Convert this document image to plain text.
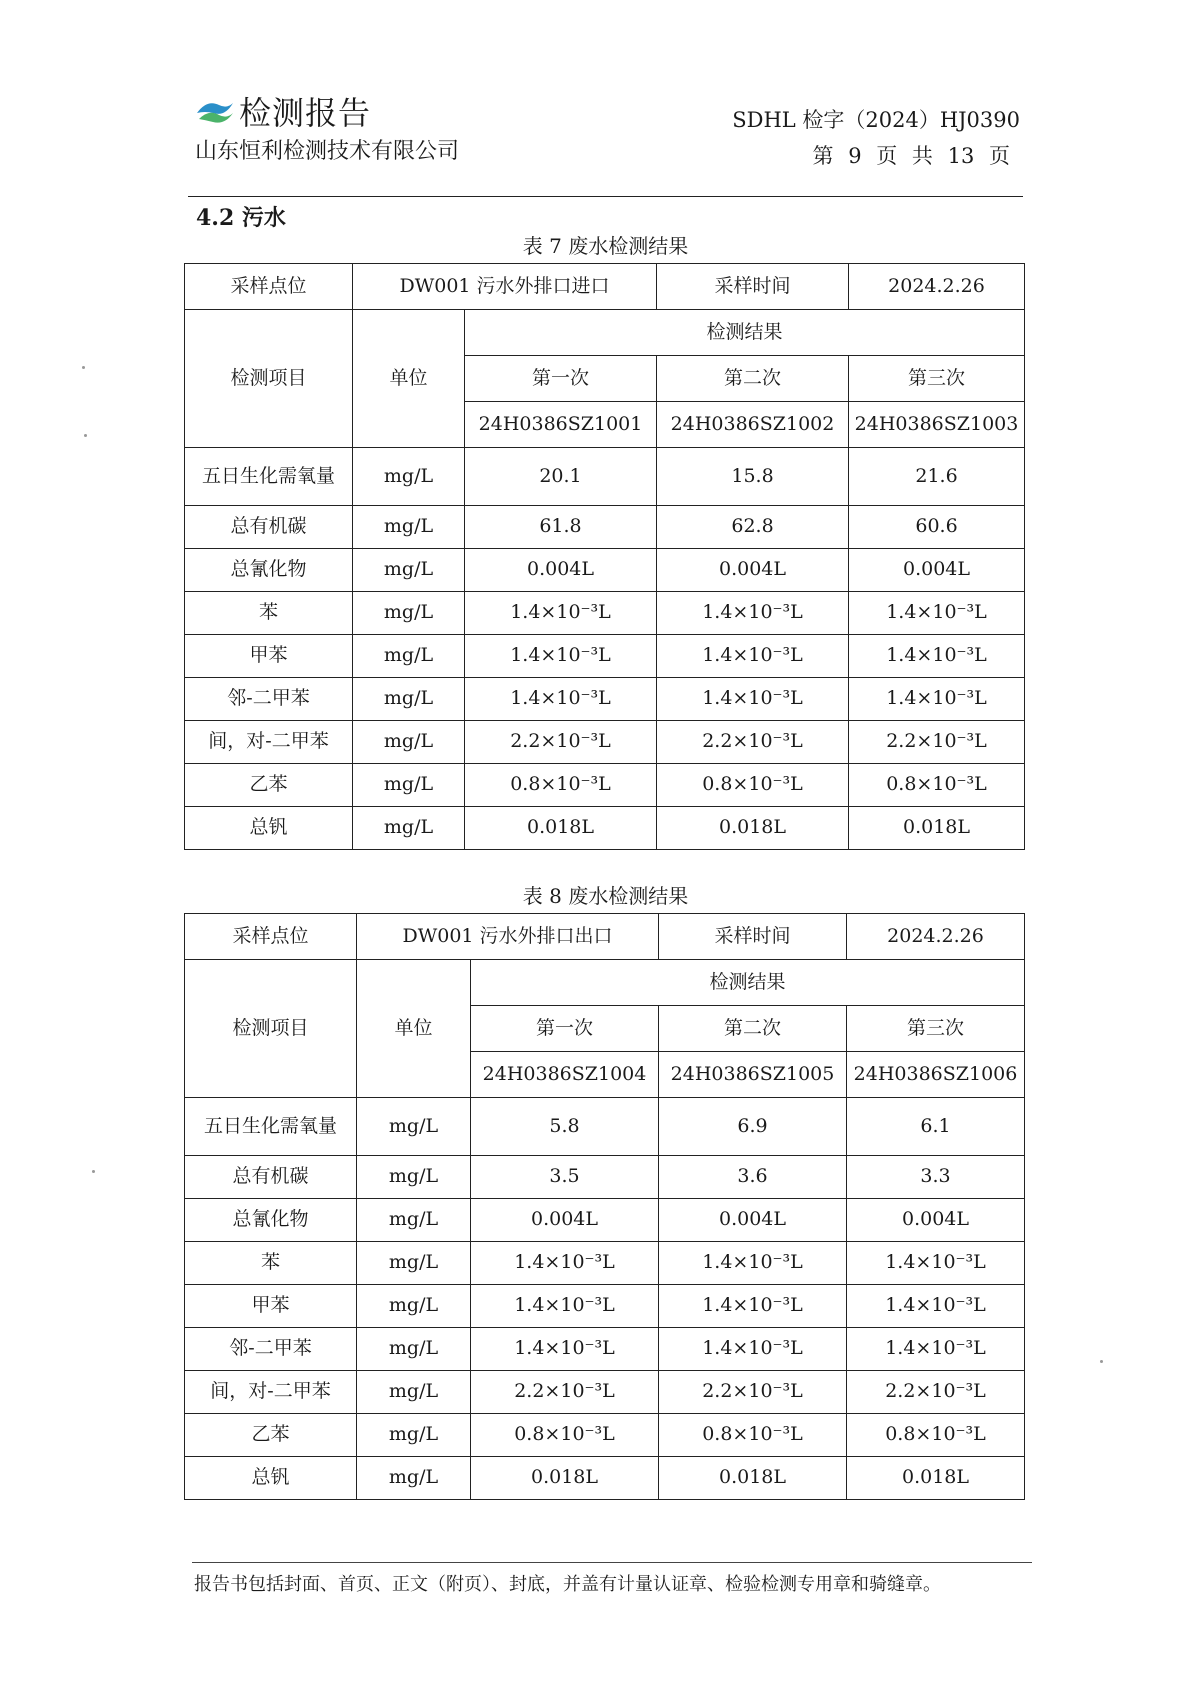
检测报告
山东恒利检测技术有限公司
SDHL 检字（2024）HJ0390
第 9 页 共 13 页
4.2 污水
表 7 废水检测结果
采样点位	DW001 污水外排口进口		采样时间	2024.2.26
检测项目	单位	检测结果		
		第一次	第二次	第三次
		24H0386SZ1001	24H0386SZ1002	24H0386SZ1003
五日生化需氧量	mg/L	20.1	15.8	21.6
总有机碳	mg/L	61.8	62.8	60.6
总氰化物	mg/L	0.004L	0.004L	0.004L
苯	mg/L	1.4×10⁻³L	1.4×10⁻³L	1.4×10⁻³L
甲苯	mg/L	1.4×10⁻³L	1.4×10⁻³L	1.4×10⁻³L
邻-二甲苯	mg/L	1.4×10⁻³L	1.4×10⁻³L	1.4×10⁻³L
间，对-二甲苯	mg/L	2.2×10⁻³L	2.2×10⁻³L	2.2×10⁻³L
乙苯	mg/L	0.8×10⁻³L	0.8×10⁻³L	0.8×10⁻³L
总钒	mg/L	0.018L	0.018L	0.018L
表 8 废水检测结果
采样点位	DW001 污水外排口出口		采样时间	2024.2.26
检测项目	单位	检测结果		
		第一次	第二次	第三次
		24H0386SZ1004	24H0386SZ1005	24H0386SZ1006
五日生化需氧量	mg/L	5.8	6.9	6.1
总有机碳	mg/L	3.5	3.6	3.3
总氰化物	mg/L	0.004L	0.004L	0.004L
苯	mg/L	1.4×10⁻³L	1.4×10⁻³L	1.4×10⁻³L
甲苯	mg/L	1.4×10⁻³L	1.4×10⁻³L	1.4×10⁻³L
邻-二甲苯	mg/L	1.4×10⁻³L	1.4×10⁻³L	1.4×10⁻³L
间，对-二甲苯	mg/L	2.2×10⁻³L	2.2×10⁻³L	2.2×10⁻³L
乙苯	mg/L	0.8×10⁻³L	0.8×10⁻³L	0.8×10⁻³L
总钒	mg/L	0.018L	0.018L	0.018L
报告书包括封面、首页、正文（附页）、封底，并盖有计量认证章、检验检测专用章和骑缝章。
